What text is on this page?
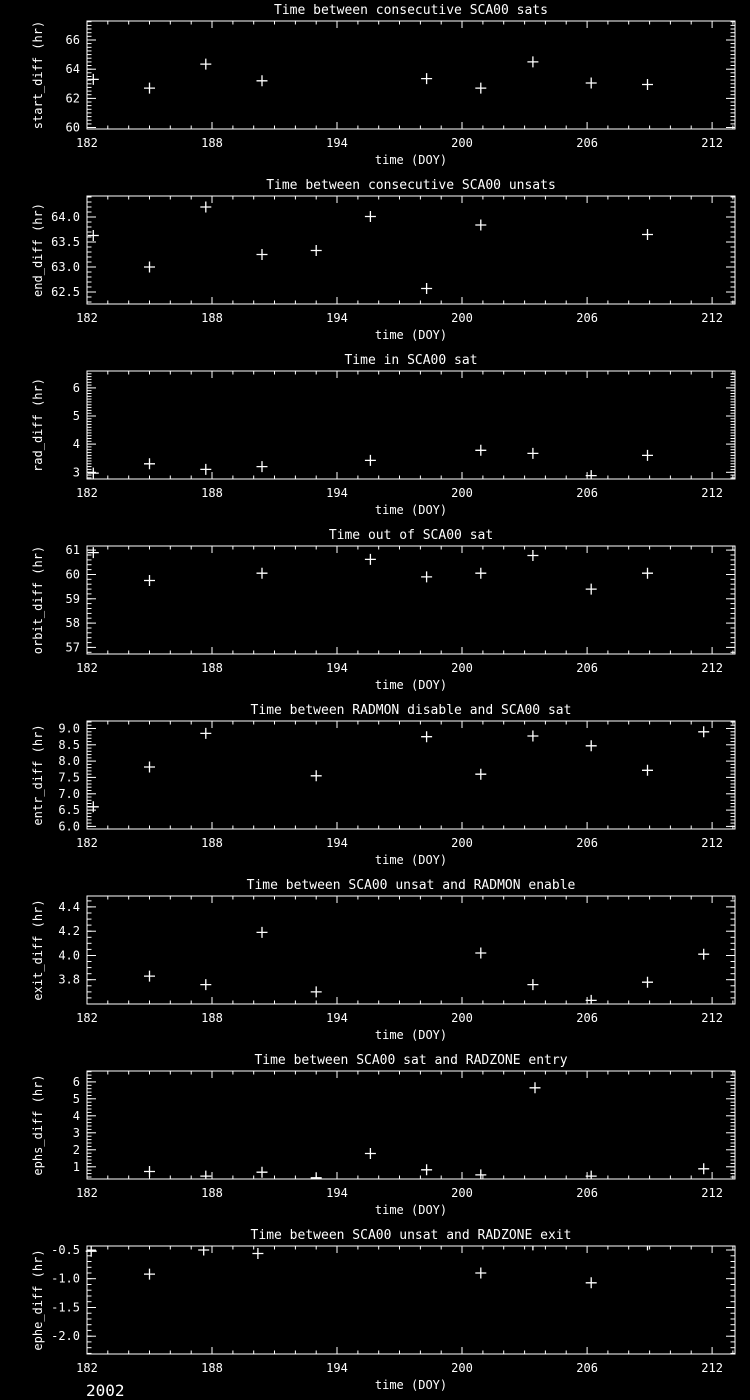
60
62
64
66
182	188	194	200	206	212
Time between consecutive SCA00 sats
time (DOY)
start_diff (hr)
62.5
63.0
63.5
64.0
182	188	194	200	206	212
Time between consecutive SCA00 unsats
time (DOY)
end_diff (hr)
3
4
5
6
182	188	194	200	206	212
Time in SCA00 sat
time (DOY)
rad_diff (hr)
57
58
59
60
61
182	188	194	200	206	212
Time out of SCA00 sat
time (DOY)
orbit_diff (hr)
6.0
6.5
7.0
7.5
8.0
8.5
9.0
182	188	194	200	206	212
Time between RADMON disable and SCA00 sat
time (DOY)
entr_diff (hr)
3.8
4.0
4.2
4.4
182	188	194	200	206	212
Time between SCA00 unsat and RADMON enable
time (DOY)
exit_diff (hr)
1
2
3
4
5
6
182	188	194	200	206	212
Time between SCA00 sat and RADZONE entry
time (DOY)
ephs_diff (hr)
-0.5
-1.0
-1.5
-2.0
182	188	194	200	206	212
Time between SCA00 unsat and RADZONE exit
time (DOY)
ephe_diff (hr)
2002
